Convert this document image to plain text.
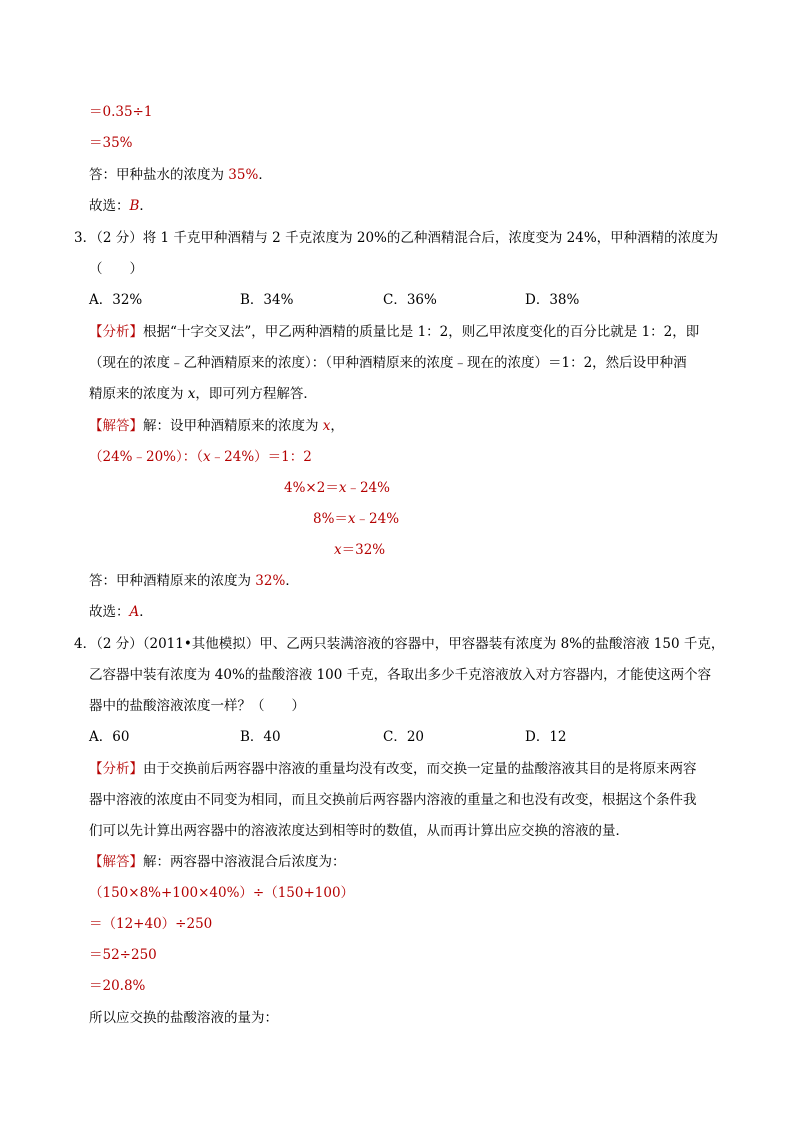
＝0.35÷1
＝35%
答：甲种盐水的浓度为 35%．
故选：B．
3．（2 分）将 1 千克甲种酒精与 2 千克浓度为 20%的乙种酒精混合后，浓度变为 24%，甲种酒精的浓度为
（　　）
A．32%	B．34%	C．36%	D．38%
【分析】根据“十字交叉法”，甲乙两种酒精的质量比是 1：2，则乙甲浓度变化的百分比就是 1：2，即
（现在的浓度﹣乙种酒精原来的浓度）：（甲种酒精原来的浓度﹣现在的浓度）＝1：2，然后设甲种酒
精原来的浓度为 x，即可列方程解答．
【解答】解：设甲种酒精原来的浓度为 x，
（24%﹣20%）：（x﹣24%）＝1：2
4%×2＝x﹣24%
8%＝x﹣24%
x＝32%
答：甲种酒精原来的浓度为 32%．
故选：A．
4．（2 分）（2011•其他模拟）甲、乙两只装满溶液的容器中，甲容器装有浓度为 8%的盐酸溶液 150 千克，
乙容器中装有浓度为 40%的盐酸溶液 100 千克，各取出多少千克溶液放入对方容器内，才能使这两个容
器中的盐酸溶液浓度一样？（　　）
A．60	B．40	C．20	D．12
【分析】由于交换前后两容器中溶液的重量均没有改变，而交换一定量的盐酸溶液其目的是将原来两容
器中溶液的浓度由不同变为相同，而且交换前后两容器内溶液的重量之和也没有改变，根据这个条件我
们可以先计算出两容器中的溶液浓度达到相等时的数值，从而再计算出应交换的溶液的量．
【解答】解：两容器中溶液混合后浓度为：
（150×8%+100×40%）÷（150+100）
＝（12+40）÷250
＝52÷250
＝20.8%
所以应交换的盐酸溶液的量为：
